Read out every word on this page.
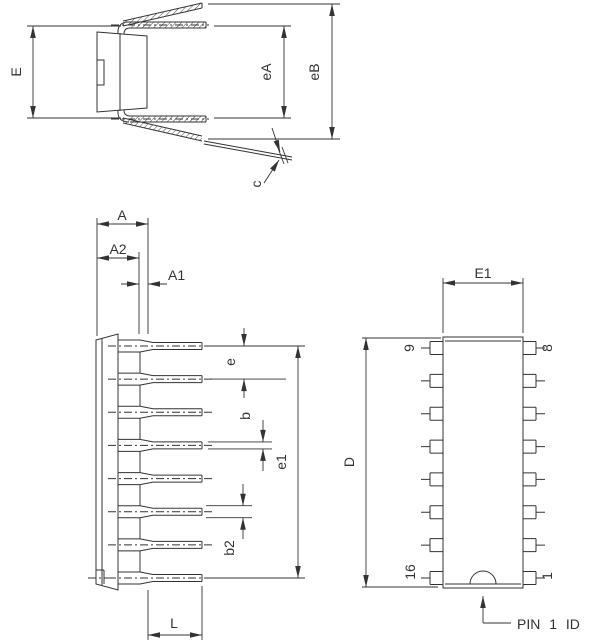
E	eA eB
c
A
A2
A1
e
b
b2
e1
L
9	8
16	1
E1
D
PIN 1 ID
